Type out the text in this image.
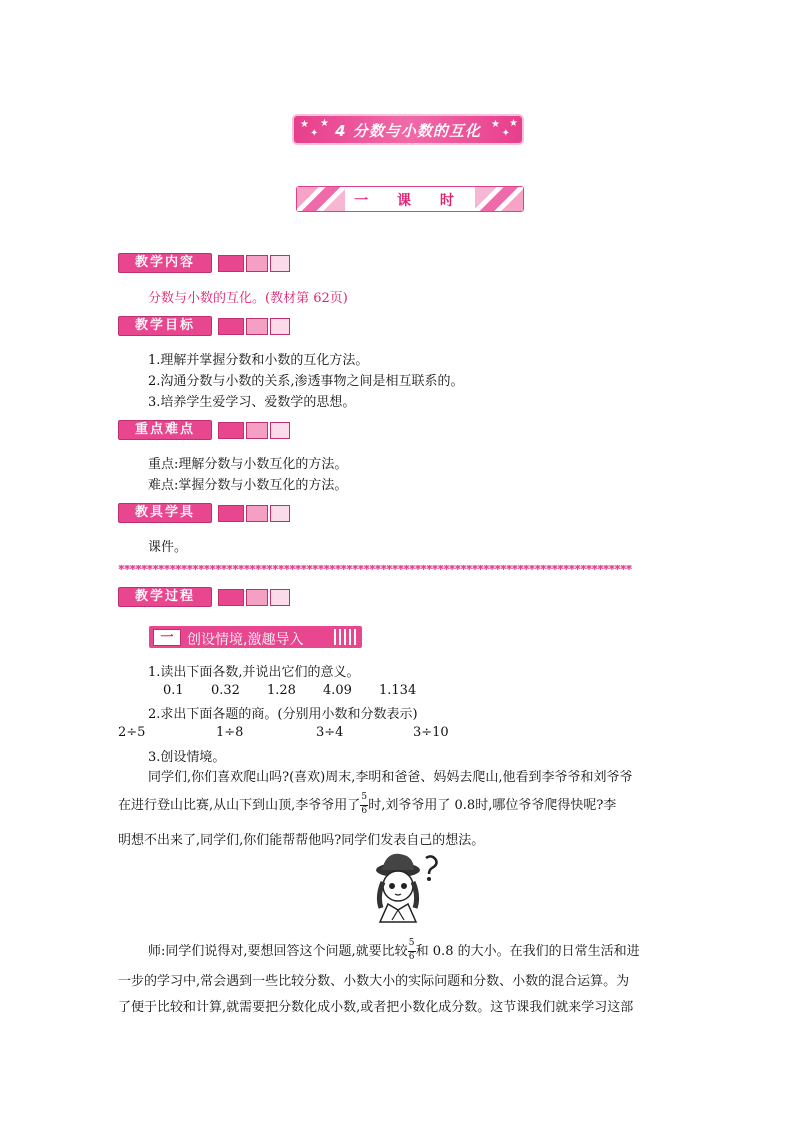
★
✦
★ 4 分数与小数的互化	★
✦
★
一 课 时
教学内容
分数与小数的互化。(教材第 62页)
教学目标
1.理解并掌握分数和小数的互化方法。
2.沟通分数与小数的关系,渗透事物之间是相互联系的。
3.培养学生爱学习、爱数学的思想。
重点难点
重点:理解分数与小数互化的方法。
难点:掌握分数与小数互化的方法。
教具学具
课件。
✱✱✱✱✱✱✱✱✱✱✱✱✱✱✱✱✱✱✱✱✱✱✱✱✱✱✱✱✱✱✱✱✱✱✱✱✱✱✱✱✱✱✱✱✱✱✱✱✱✱✱✱✱✱✱✱✱✱✱✱✱✱✱✱✱✱✱✱✱✱✱✱✱✱✱✱✱✱✱✱✱✱✱✱✱✱✱✱✱✱
教学过程
一 创设情境,激趣导入
1.读出下面各数,并说出它们的意义。
0.1 0.32 1.28 4.09 1.134
2.求出下面各题的商。(分别用小数和分数表示)
2÷5	1÷8	3÷4	3÷10
3.创设情境。
同学们,你们喜欢爬山吗?(喜欢)周末,李明和爸爸、妈妈去爬山,他看到李爷爷和刘爷爷
在进行登山比赛,从山下到山顶,李爷爷用了 $\frac{5}{6}$ 时,刘爷爷用了 0.8时,哪位爷爷爬得快呢?李
明想不出来了,同学们,你们能帮帮他吗?同学们发表自己的想法。
师:同学们说得对,要想回答这个问题,就要比较 $\frac{5}{6}$ 和 0.8 的大小。在我们的日常生活和进
一步的学习中,常会遇到一些比较分数、小数大小的实际问题和分数、小数的混合运算。为
了便于比较和计算,就需要把分数化成小数,或者把小数化成分数。这节课我们就来学习这部
